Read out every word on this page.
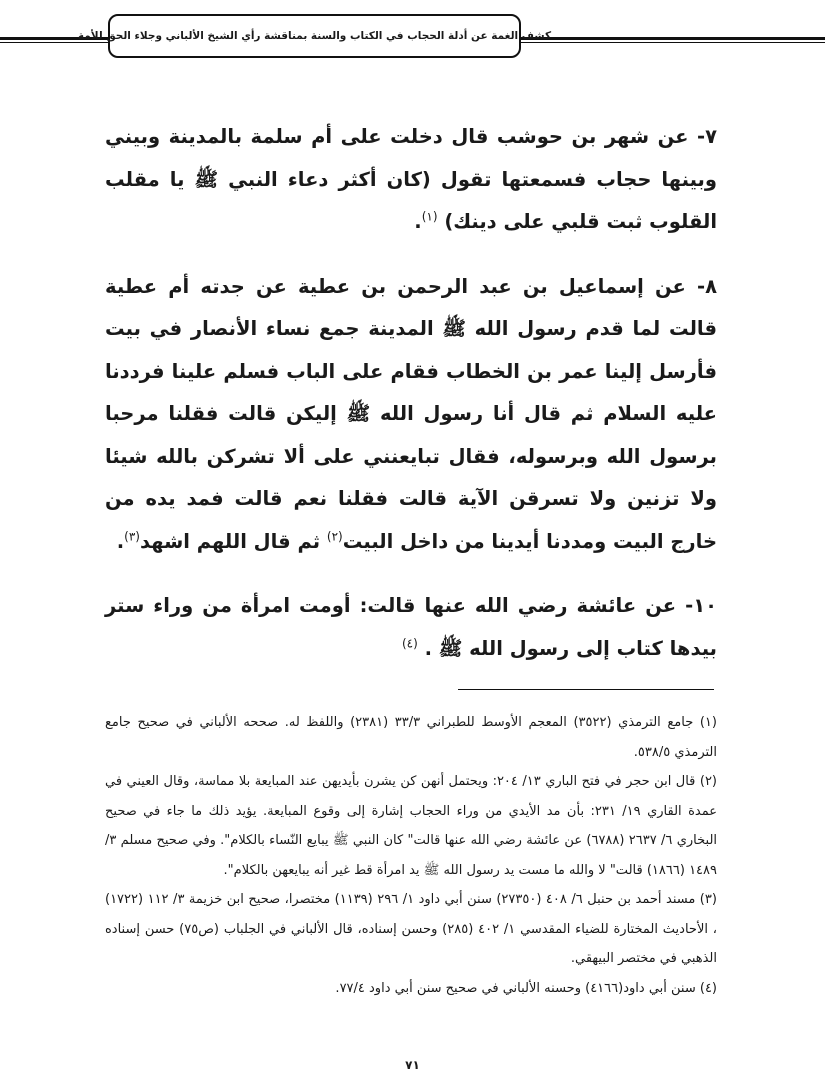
كشف الغمة عن أدلة الحجاب في الكتاب والسنة بمناقشة رأي الشيخ الألباني وجلاء الحق للأمة

٧- عن شهر بن حوشب قال دخلت على أم سلمة بالمدينة وبيني وبينها حجاب فسمعتها تقول (كان أكثر دعاء النبي ﷺ يا مقلب القلوب ثبت قلبي على دينك) $^{(١)}$.

٨- عن إسماعيل بن عبد الرحمن بن عطية عن جدته أم عطية قالت لما قدم رسول الله ﷺ المدينة جمع نساء الأنصار في بيت فأرسل إلينا عمر بن الخطاب فقام على الباب فسلم علينا فرددنا عليه السلام ثم قال أنا رسول الله ﷺ إليكن قالت فقلنا مرحبا برسول الله وبرسوله، فقال تبايعنني على ألا تشركن بالله شيئا ولا تزنين ولا تسرقن الآية قالت فقلنا نعم قالت فمد يده من خارج البيت ومددنا أيدينا من داخل البيت$^{(٢)}$ ثم قال اللهم اشهد$^{(٣)}$.

١٠- عن عائشة رضي الله عنها قالت: أومت امرأة من وراء ستر بيدها كتاب إلى رسول الله ﷺ . $^{(٤)}$

(١) جامع الترمذي (٣٥٢٢) المعجم الأوسط للطبراني ٣٣/٣ (٢٣٨١) واللفظ له. صححه الألباني في صحيح جامع الترمذي ٥٣٨/٥.

(٢) قال ابن حجر في فتح الباري ١٣/ ٢٠٤: ويحتمل أنهن كن يشرن بأيديهن عند المبايعة بلا مماسة، وقال العيني في عمدة القاري ١٩/ ٢٣١: بأن مد الأيدي من وراء الحجاب إشارة إلى وقوع المبايعة. يؤيد ذلك ما جاء في صحيح البخاري ٦/ ٢٦٣٧ (٦٧٨٨) عن عائشة رضي الله عنها قالت" كان النبي ﷺ يبايع النّساء بالكلام". وفي صحيح مسلم ٣/ ١٤٨٩ (١٨٦٦) قالت" لا والله ما مست يد رسول الله ﷺ يد امرأة قط غير أنه يبايعهن بالكلام".

(٣) مسند أحمد بن حنبل ٦/ ٤٠٨ (٢٧٣٥٠) سنن أبي داود ١/ ٢٩٦ (١١٣٩) مختصرا، صحيح ابن خزيمة ٣/ ١١٢ (١٧٢٢) ، الأحاديث المختارة للضياء المقدسي ١/ ٤٠٢ (٢٨٥) وحسن إسناده، قال الألباني في الجلباب (ص٧٥) حسن إسناده الذهبي في مختصر البيهقي.

(٤) سنن أبي داود(٤١٦٦) وحسنه الألباني في صحيح سنن أبي داود ٧٧/٤.

٧١
